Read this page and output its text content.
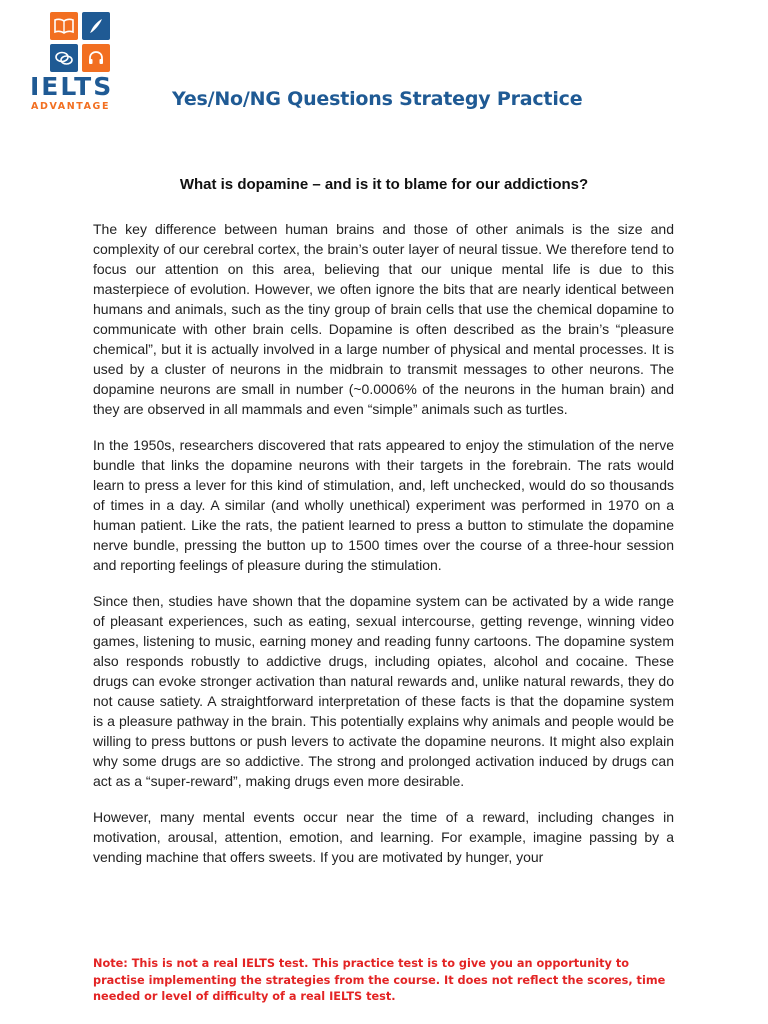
IELTS
ADVANTAGE	Yes/No/NG Questions Strategy Practice
What is dopamine – and is it to blame for our addictions?

The key difference between human brains and those of other animals is the size and complexity of our cerebral cortex, the brain’s outer layer of neural tissue. We therefore tend to focus our attention on this area, believing that our unique mental life is due to this masterpiece of evolution. However, we often ignore the bits that are nearly identical between humans and animals, such as the tiny group of brain cells that use the chemical dopamine to communicate with other brain cells. Dopamine is often described as the brain’s “pleasure chemical”, but it is actually involved in a large number of physical and mental processes. It is used by a cluster of neurons in the midbrain to transmit messages to other neurons. The dopamine neurons are small in number (~0.0006% of the neurons in the human brain) and they are observed in all mammals and even “simple” animals such as turtles.

In the 1950s, researchers discovered that rats appeared to enjoy the stimulation of the nerve bundle that links the dopamine neurons with their targets in the forebrain. The rats would learn to press a lever for this kind of stimulation, and, left unchecked, would do so thousands of times in a day. A similar (and wholly unethical) experiment was performed in 1970 on a human patient. Like the rats, the patient learned to press a button to stimulate the dopamine nerve bundle, pressing the button up to 1500 times over the course of a three-hour session and reporting feelings of pleasure during the stimulation.

Since then, studies have shown that the dopamine system can be activated by a wide range of pleasant experiences, such as eating, sexual intercourse, getting revenge, winning video games, listening to music, earning money and reading funny cartoons. The dopamine system also responds robustly to addictive drugs, including opiates, alcohol and cocaine. These drugs can evoke stronger activation than natural rewards and, unlike natural rewards, they do not cause satiety. A straightforward interpretation of these facts is that the dopamine system is a pleasure pathway in the brain. This potentially explains why animals and people would be willing to press buttons or push levers to activate the dopamine neurons. It might also explain why some drugs are so addictive. The strong and prolonged activation induced by drugs can act as a “super-reward”, making drugs even more desirable.

However, many mental events occur near the time of a reward, including changes in motivation, arousal, attention, emotion, and learning. For example, imagine passing by a vending machine that offers sweets. If you are motivated by hunger, your

Note: This is not a real IELTS test. This practice test is to give you an opportunity to practise implementing the strategies from the course. It does not reflect the scores, time needed or level of difficulty of a real IELTS test.
